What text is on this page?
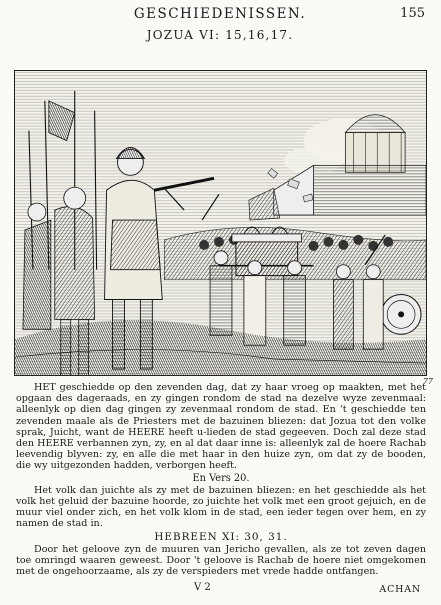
GESCHIEDENISSEN.	155
JOZUA VI: 15,16,17.
77

HET geschiedde op den zevenden dag, dat zy haar vroeg op maakten, met het opgaan des dageraads, en zy gingen rondom de stad na dezelve wyze zevenmaal: alleenlyk op dien dag gingen zy zevenmaal rondom de stad. En 't geschiedde ten zevenden maale als de Priesters met de bazuinen bliezen: dat Jozua tot den volke sprak, Juicht, want de HEERE heeft u-lieden de stad gegeeven. Doch zal deze stad den HEERE verbannen zyn, zy, en al dat daar inne is: alleenlyk zal de hoere Rachab leevendig blyven: zy, en alle die met haar in den huize zyn, om dat zy de booden, die wy uitgezonden hadden, verborgen heeft.

En Vers 20.

Het volk dan juichte als zy met de bazuinen bliezen: en het geschiedde als het volk het geluid der bazuine hoorde, zo juichte het volk met een groot gejuich, en de muur viel onder zich, en het volk klom in de stad, een ieder tegen over hem, en zy namen de stad in.

HEBREEN XI: 30, 31.

Door het geloove zyn de muuren van Jericho gevallen, als ze tot zeven dagen toe omringd waaren geweest. Door 't geloove is Rachab de hoere niet omgekomen met de ongehoorzaame, als zy de verspieders met vrede hadde ontfangen.

V 2	ACHAN
